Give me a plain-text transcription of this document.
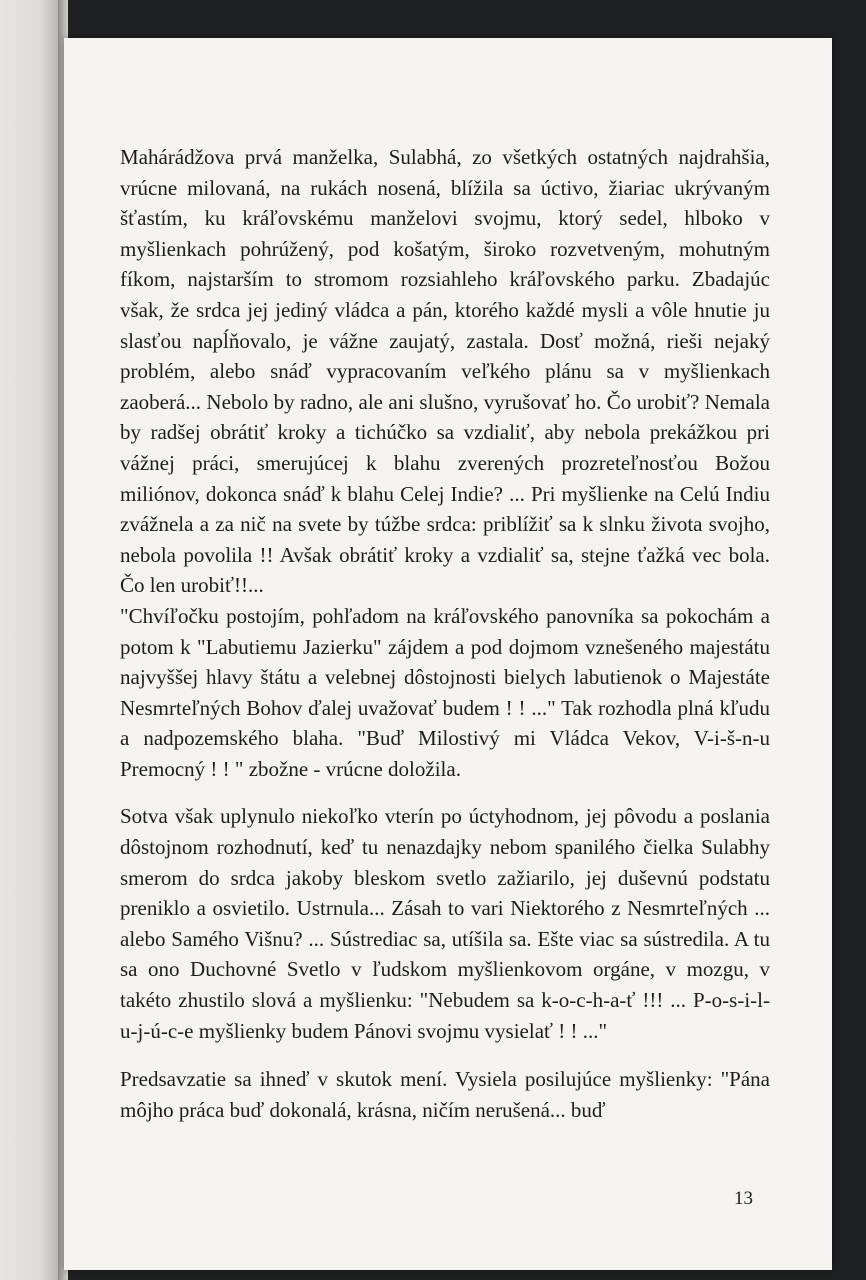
Mahárádžova prvá manželka, Sulabhá, zo všetkých ostatných najdrahšia, vrúcne milovaná, na rukách nosená, blížila sa úctivo, žiariac ukrývaným šťastím, ku kráľovskému manželovi svojmu, ktorý sedel, hlboko v myšlienkach pohrúžený, pod košatým, široko rozvetveným, mohutným fíkom, najstarším to stromom rozsiahleho kráľovského parku. Zbadajúc však, že srdca jej jediný vládca a pán, ktorého každé mysli a vôle hnutie ju slasťou napĺňovalo, je vážne zaujatý, zastala. Dosť možná, rieši nejaký problém, alebo snáď vypracovaním veľkého plánu sa v myšlienkach zaoberá... Nebolo by radno, ale ani slušno, vyrušovať ho. Čo urobiť? Nemala by radšej obrátiť kroky a tichúčko sa vzdialiť, aby nebola prekážkou pri vážnej práci, smerujúcej k blahu zverených prozreteľnosťou Božou miliónov, dokonca snáď k blahu Celej Indie? ... Pri myšlienke na Celú Indiu zvážnela a za nič na svete by túžbe srdca: priblížiť sa k slnku života svojho, nebola povolila !! Avšak obrátiť kroky a vzdialiť sa, stejne ťažká vec bola. Čo len urobiť!!...

"Chvíľočku postojím, pohľadom na kráľovského panovníka sa pokochám a potom k "Labutiemu Jazierku" zájdem a pod dojmom vznešeného majestátu najvyššej hlavy štátu a velebnej dôstojnosti bielych labutienok o Majestáte Nesmrteľných Bohov ďalej uvažovať budem ! ! ..." Tak rozhodla plná kľudu a nadpozemského blaha. "Buď Milostivý mi Vládca Vekov, V-i-š-n-u Premocný ! ! " zbožne - vrúcne doložila.

Sotva však uplynulo niekoľko vterín po úctyhodnom, jej pôvodu a poslania dôstojnom rozhodnutí, keď tu nenazdajky nebom spanilého čielka Sulabhy smerom do srdca jakoby bleskom svetlo zažiarilo, jej duševnú podstatu preniklo a osvietilo. Ustrnula... Zásah to vari Niektorého z Nesmrteľných ... alebo Samého Višnu? ... Sústrediac sa, utíšila sa. Ešte viac sa sústredila. A tu sa ono Duchovné Svetlo v ľudskom myšlienkovom orgáne, v mozgu, v takéto zhustilo slová a myšlienku: "Nebudem sa k-o-c-h-a-ť !!! ... P-o-s-i-l-u-j-ú-c-e myšlienky budem Pánovi svojmu vysielať ! ! ..."

Predsavzatie sa ihneď v skutok mení. Vysiela posilujúce myšlienky: "Pána môjho práca buď dokonalá, krásna, ničím nerušená... buď

13
